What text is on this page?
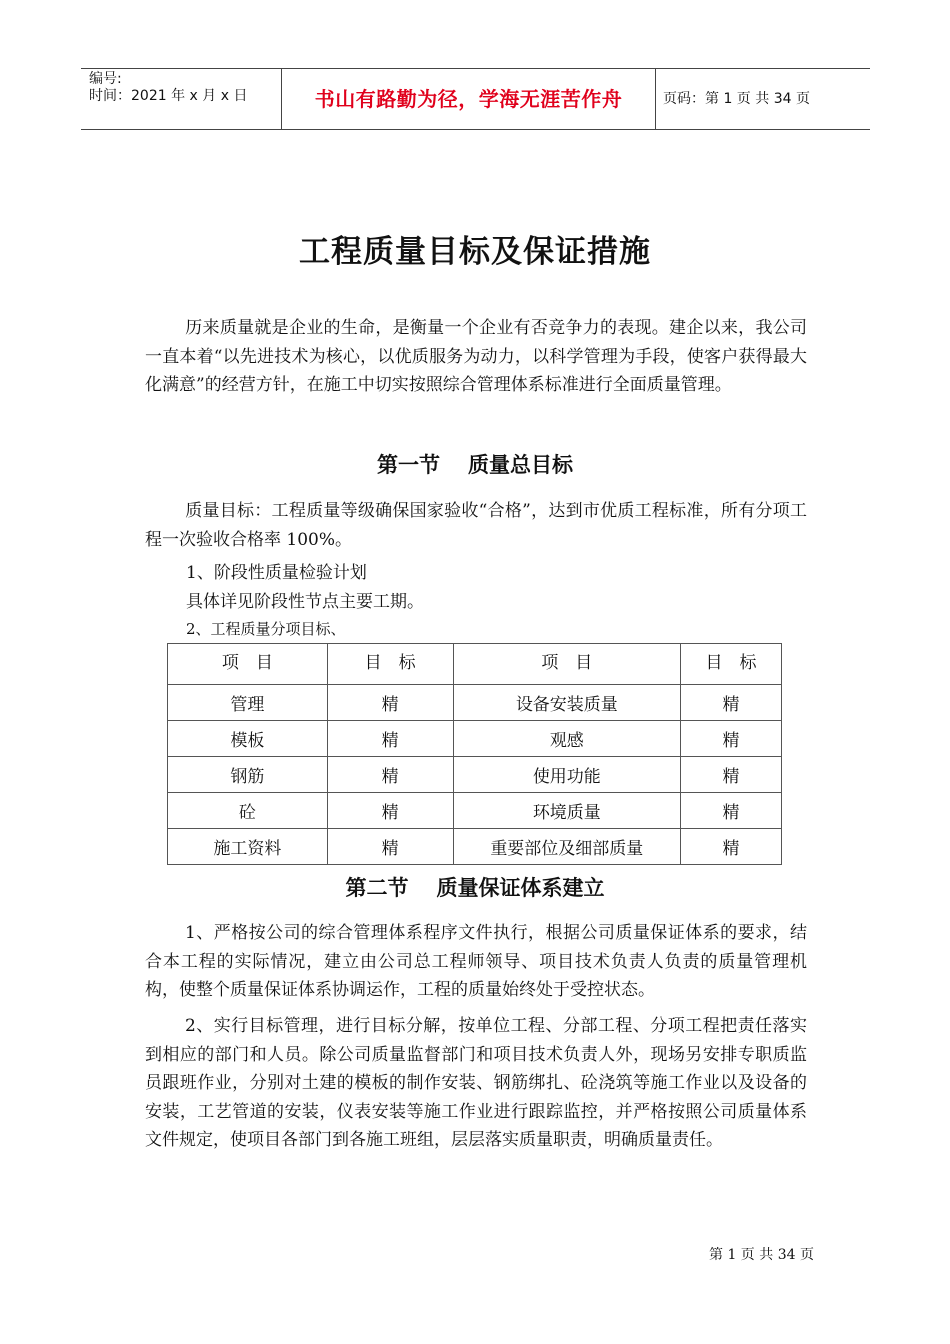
编号:
时间：2021 年 x 月 x 日	书山有路勤为径，学海无涯苦作舟	页码：第 1 页 共 34 页
工程质量目标及保证措施

历来质量就是企业的生命，是衡量一个企业有否竞争力的表现。建企以来，我公司一直本着“以先进技术为核心，以优质服务为动力，以科学管理为手段，使客户获得最大化满意”的经营方针，在施工中切实按照综合管理体系标准进行全面质量管理。

第一节 质量总目标

质量目标：工程质量等级确保国家验收“合格”，达到市优质工程标准，所有分项工程一次验收合格率 100%。

1、阶段性质量检验计划
具体详见阶段性节点主要工期。
2、工程质量分项目标、
项　目	目　标	项　目	目　标
管理	精	设备安装质量	精
模板	精	观感	精
钢筋	精	使用功能	精
砼	精	环境质量	精
施工资料	精	重要部位及细部质量	精
第二节 质量保证体系建立

1、严格按公司的综合管理体系程序文件执行，根据公司质量保证体系的要求，结合本工程的实际情况，建立由公司总工程师领导、项目技术负责人负责的质量管理机构，使整个质量保证体系协调运作，工程的质量始终处于受控状态。

2、实行目标管理，进行目标分解，按单位工程、分部工程、分项工程把责任落实到相应的部门和人员。除公司质量监督部门和项目技术负责人外，现场另安排专职质监员跟班作业，分别对土建的模板的制作安装、钢筋绑扎、砼浇筑等施工作业以及设备的安装，工艺管道的安装，仪表安装等施工作业进行跟踪监控，并严格按照公司质量体系文件规定，使项目各部门到各施工班组，层层落实质量职责，明确质量责任。

第 1 页 共 34 页
